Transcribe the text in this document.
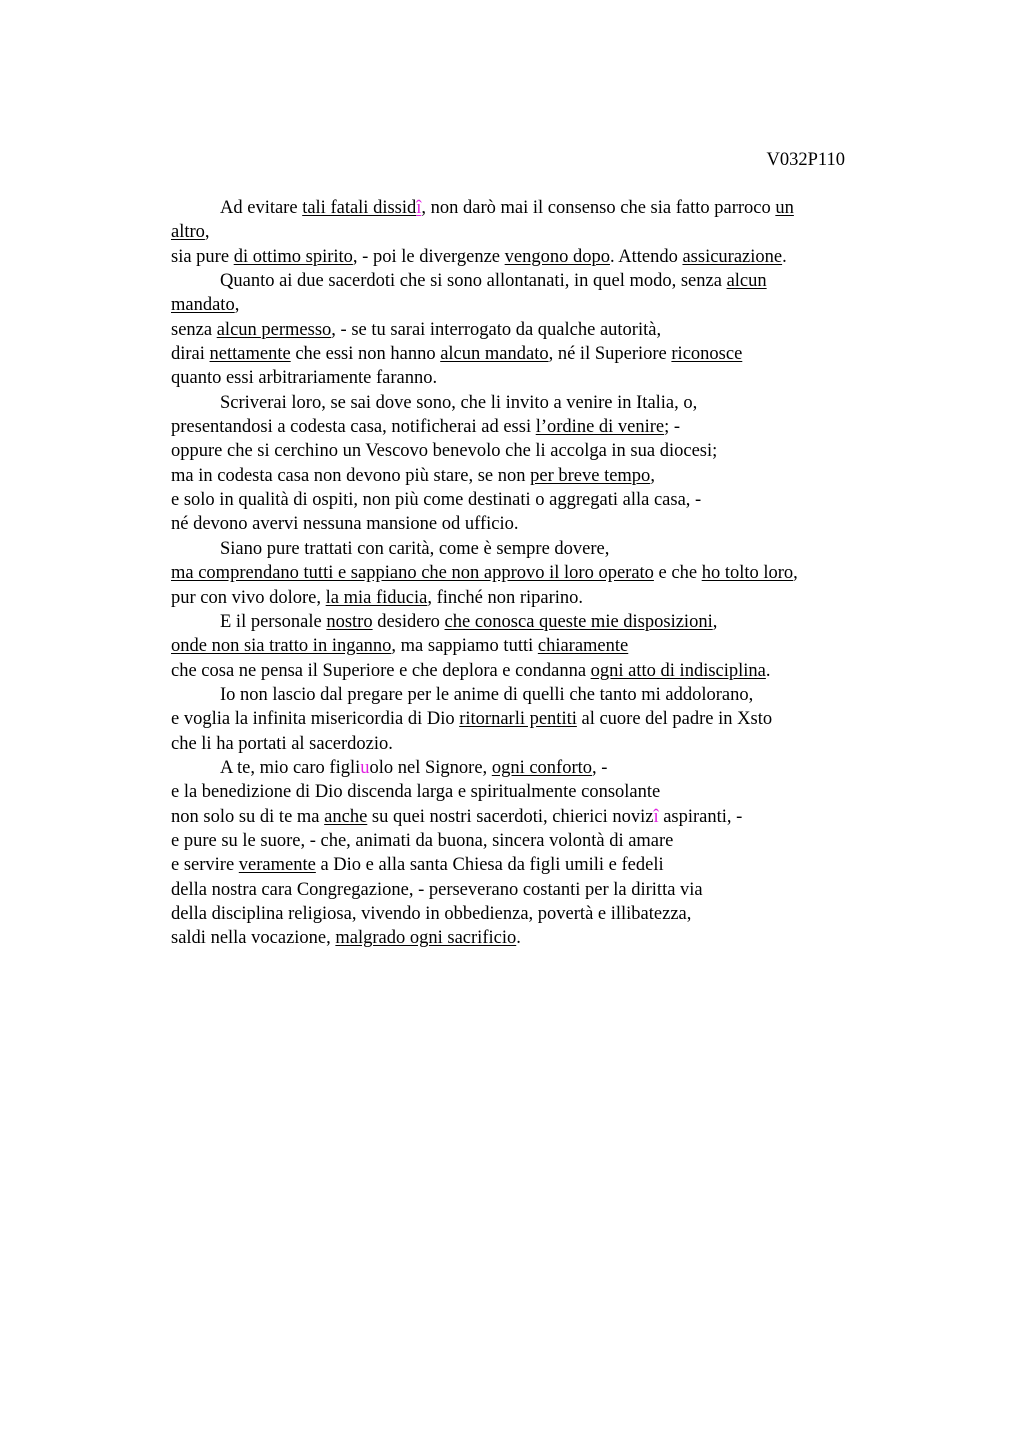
V032P110
Ad evitare tali fatali dissidî, non darò mai il consenso che sia fatto parroco un
altro,
sia pure di ottimo spirito, - poi le divergenze vengono dopo. Attendo assicurazione.
Quanto ai due sacerdoti che si sono allontanati, in quel modo, senza alcun
mandato,
senza alcun permesso, - se tu sarai interrogato da qualche autorità,
dirai nettamente che essi non hanno alcun mandato, né il Superiore riconosce
quanto essi arbitrariamente faranno.
Scriverai loro, se sai dove sono, che li invito a venire in Italia, o,
presentandosi a codesta casa, notificherai ad essi l’ordine di venire; -
oppure che si cerchino un Vescovo benevolo che li accolga in sua diocesi;
ma in codesta casa non devono più stare, se non per breve tempo,
e solo in qualità di ospiti, non più come destinati o aggregati alla casa, -
né devono avervi nessuna mansione od ufficio.
Siano pure trattati con carità, come è sempre dovere,
ma comprendano tutti e sappiano che non approvo il loro operato e che ho tolto loro,
pur con vivo dolore, la mia fiducia, finché non riparino.
E il personale nostro desidero che conosca queste mie disposizioni,
onde non sia tratto in inganno, ma sappiamo tutti chiaramente
che cosa ne pensa il Superiore e che deplora e condanna ogni atto di indisciplina.
Io non lascio dal pregare per le anime di quelli che tanto mi addolorano,
e voglia la infinita misericordia di Dio ritornarli pentiti al cuore del padre in Xsto
che li ha portati al sacerdozio.
A te, mio caro figliuolo nel Signore, ogni conforto, -
e la benedizione di Dio discenda larga e spiritualmente consolante
non solo su di te ma anche su quei nostri sacerdoti, chierici novizî aspiranti, -
e pure su le suore, - che, animati da buona, sincera volontà di amare
e servire veramente a Dio e alla santa Chiesa da figli umili e fedeli
della nostra cara Congregazione, - perseverano costanti per la diritta via
della disciplina religiosa, vivendo in obbedienza, povertà e illibatezza,
saldi nella vocazione, malgrado ogni sacrificio.
